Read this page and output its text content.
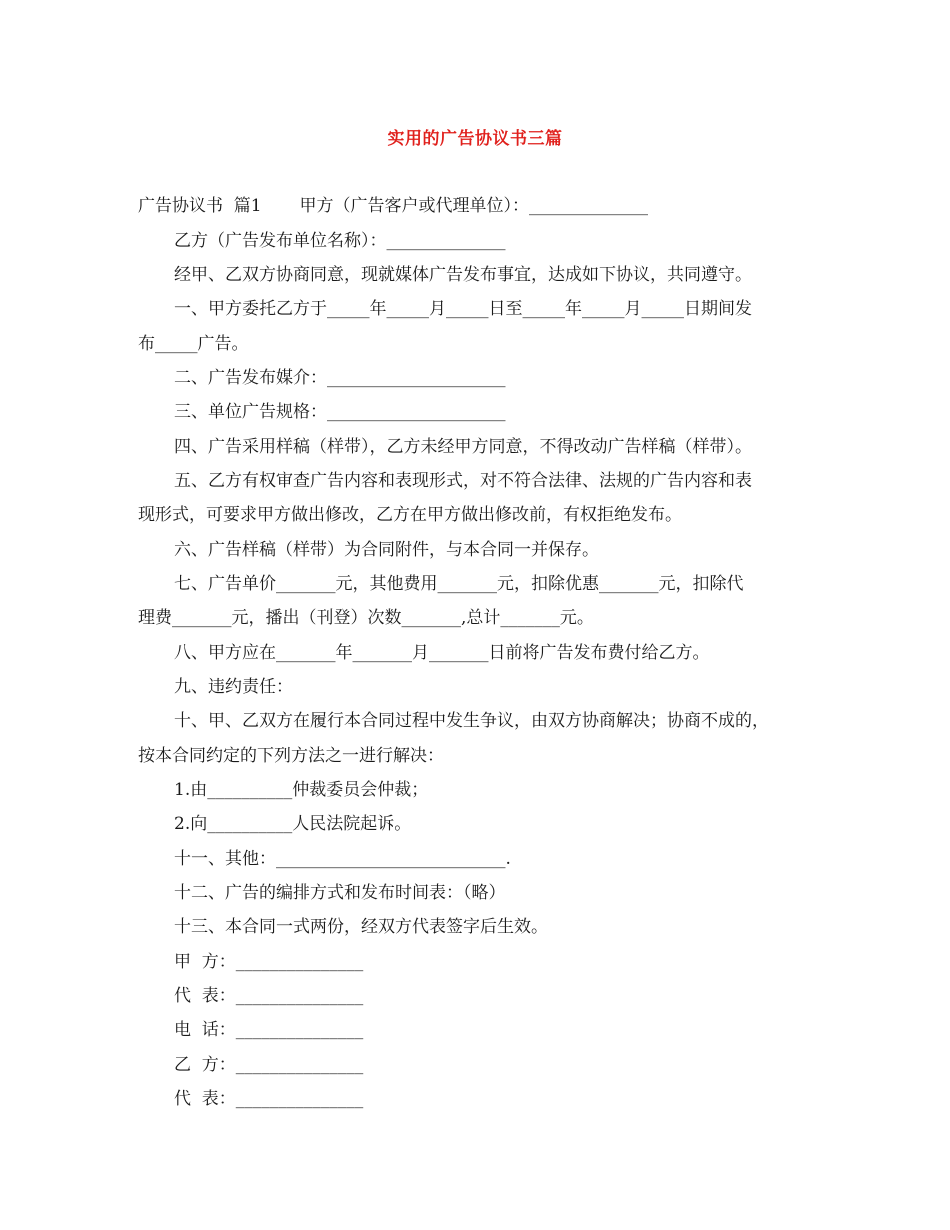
实用的广告协议书三篇
广告协议书  篇1       甲方（广告客户或代理单位）：______________
乙方（广告发布单位名称）：______________
经甲、乙双方协商同意，现就媒体广告发布事宜，达成如下协议，共同遵守。
一、甲方委托乙方于_____年_____月_____日至_____年_____月_____日期间发
布_____广告。
二、广告发布媒介：_____________________
三、单位广告规格：_____________________
四、广告采用样稿（样带），乙方未经甲方同意，不得改动广告样稿（样带）。
五、乙方有权审查广告内容和表现形式，对不符合法律、法规的广告内容和表
现形式，可要求甲方做出修改，乙方在甲方做出修改前，有权拒绝发布。
六、广告样稿（样带）为合同附件，与本合同一并保存。
七、广告单价_______元，其他费用_______元，扣除优惠_______元，扣除代
理费_______元，播出（刊登）次数_______,总计_______元。
八、甲方应在_______年_______月_______日前将广告发布费付给乙方。
九、违约责任：
十、甲、乙双方在履行本合同过程中发生争议，由双方协商解决；协商不成的，
按本合同约定的下列方法之一进行解决：
1.由__________仲裁委员会仲裁；
2.向__________人民法院起诉。
十一、其他：___________________________.
十二、广告的编排方式和发布时间表：（略）
十三、本合同一式两份，经双方代表签字后生效。
甲  方：_______________
代  表：_______________
电  话：_______________
乙  方：_______________
代  表：_______________
